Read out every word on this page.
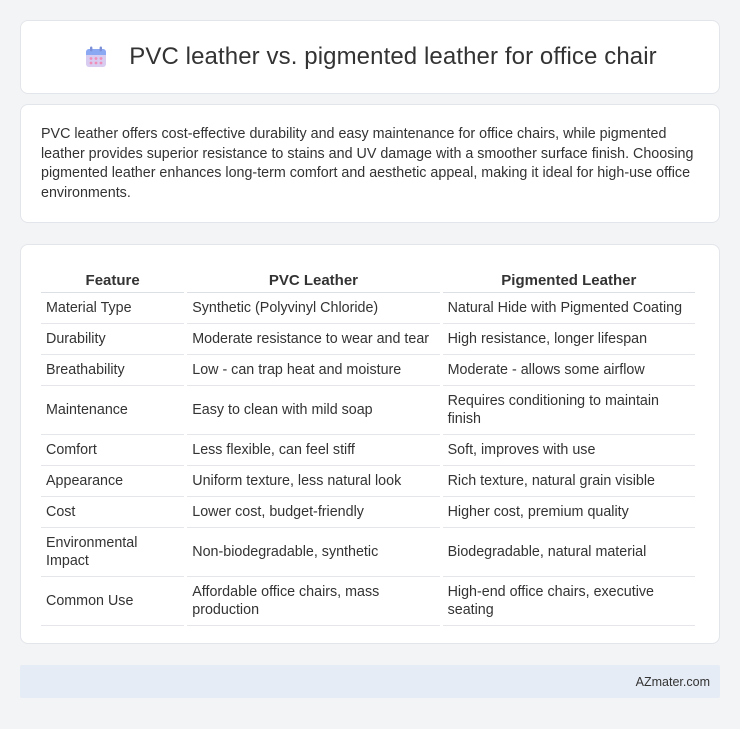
PVC leather vs. pigmented leather for office chair

PVC leather offers cost-effective durability and easy maintenance for office chairs, while pigmented leather provides superior resistance to stains and UV damage with a smoother surface finish. Choosing pigmented leather enhances long-term comfort and aesthetic appeal, making it ideal for high-use office environments.

Feature	PVC Leather	Pigmented Leather
Material Type	Synthetic (Polyvinyl Chloride)	Natural Hide with Pigmented Coating
Durability	Moderate resistance to wear and tear	High resistance, longer lifespan
Breathability	Low - can trap heat and moisture	Moderate - allows some airflow
Maintenance	Easy to clean with mild soap	Requires conditioning to maintain finish
Comfort	Less flexible, can feel stiff	Soft, improves with use
Appearance	Uniform texture, less natural look	Rich texture, natural grain visible
Cost	Lower cost, budget-friendly	Higher cost, premium quality
Environmental Impact	Non-biodegradable, synthetic	Biodegradable, natural material
Common Use	Affordable office chairs, mass production	High-end office chairs, executive seating
AZmater.com
